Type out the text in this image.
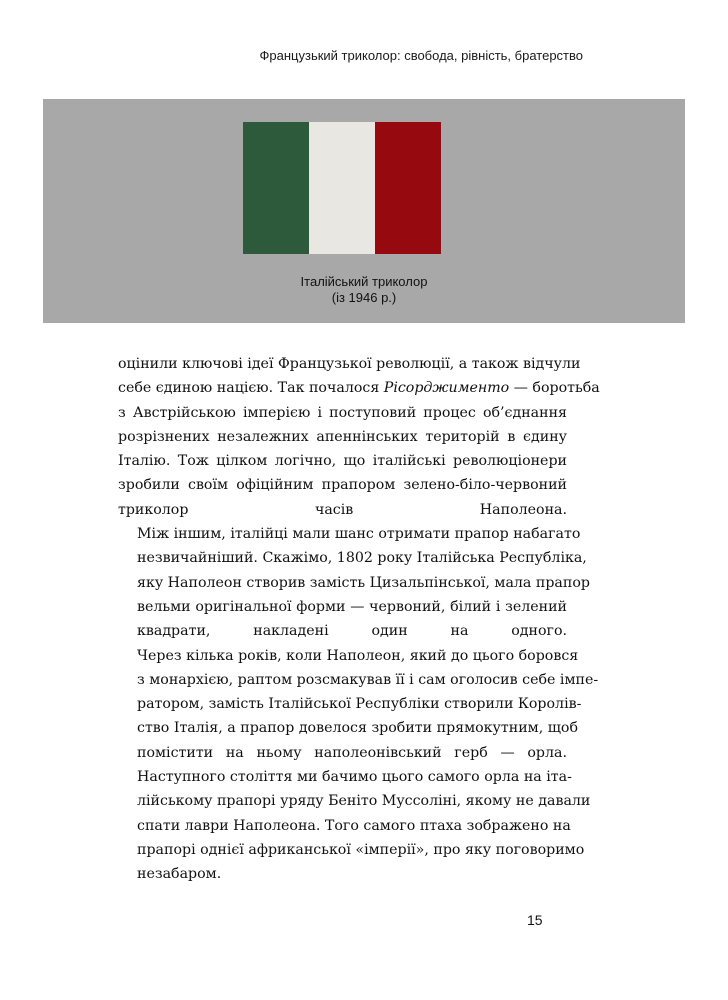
Французький триколор: свобода, рівність, братерство
Італійський триколор
(із 1946 р.)
оцінили ключові ідеї Французької революції, а також відчули
себе єдиною нацією. Так почалося Рісорджименто — боротьба
з Австрійською імперією і поступовий процес об’єднання
розрізнених незалежних апеннінських територій в єдину
Італію. Тож цілком логічно, що італійські революціонери
зробили своїм офіційним прапором зелено-біло-червоний
триколор часів Наполеона.
Між іншим, італійці мали шанс отримати прапор набагато
незвичайніший. Скажімо, 1802 року Італійська Республіка,
яку Наполеон створив замість Цизальпінської, мала прапор
вельми оригінальної форми — червоний, білий і зелений
квадрати, накладені один на одного.
Через кілька років, коли Наполеон, який до цього боровся
з монархією, раптом розсмакував її і сам оголосив себе імпе-
ратором, замість Італійської Республіки створили Королів-
ство Італія, а прапор довелося зробити прямокутним, щоб
помістити на ньому наполеонівський герб — орла.
Наступного століття ми бачимо цього самого орла на іта-
лійському прапорі уряду Беніто Муссоліні, якому не давали
спати лаври Наполеона. Того самого птаха зображено на
прапорі однієї африканської «імперії», про яку поговоримо
незабаром.
15
